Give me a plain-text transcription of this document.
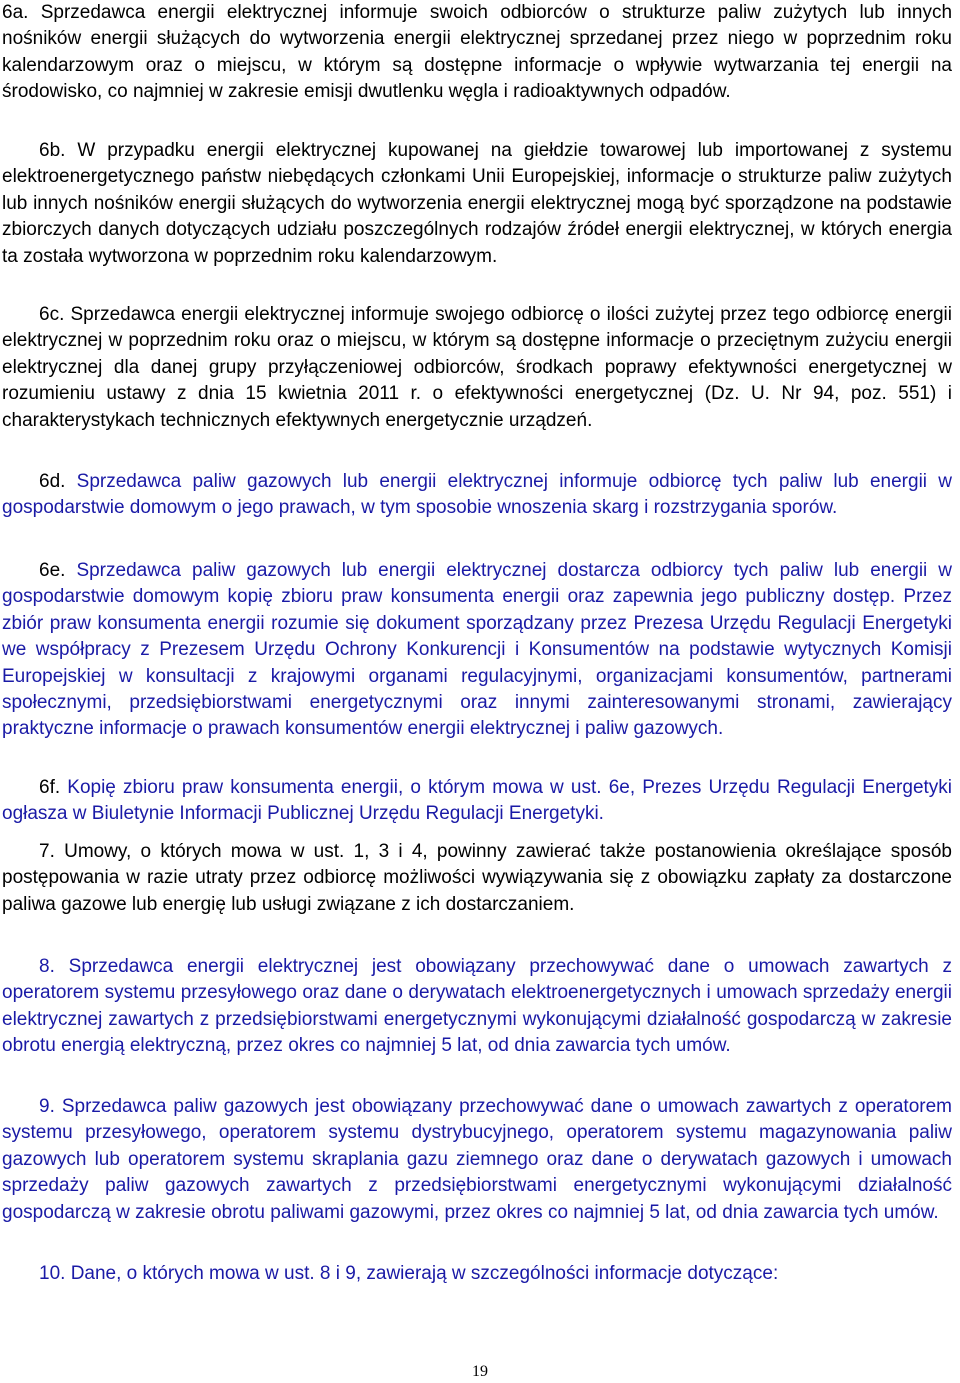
6a. Sprzedawca energii elektrycznej informuje swoich odbiorców o strukturze paliw zużytych lub innych nośników energii służących do wytworzenia energii elektrycznej sprzedanej przez niego w poprzednim roku kalendarzowym oraz o miejscu, w którym są dostępne informacje o wpływie wytwarzania tej energii na środowisko, co najmniej w zakresie emisji dwutlenku węgla i radioaktywnych odpadów.

6b. W przypadku energii elektrycznej kupowanej na giełdzie towarowej lub importowanej z systemu elektroenergetycznego państw niebędących członkami Unii Europejskiej, informacje o strukturze paliw zużytych lub innych nośników energii służących do wytworzenia energii elektrycznej mogą być sporządzone na podstawie zbiorczych danych dotyczących udziału poszczególnych rodzajów źródeł energii elektrycznej, w których energia ta została wytworzona w poprzednim roku kalendarzowym.

6c. Sprzedawca energii elektrycznej informuje swojego odbiorcę o ilości zużytej przez tego odbiorcę energii elektrycznej w poprzednim roku oraz o miejscu, w którym są dostępne informacje o przeciętnym zużyciu energii elektrycznej dla danej grupy przyłączeniowej odbiorców, środkach poprawy efektywności energetycznej w rozumieniu ustawy z dnia 15 kwietnia 2011 r. o efektywności energetycznej (Dz. U. Nr 94, poz. 551) i charakterystykach technicznych efektywnych energetycznie urządzeń.

6d. Sprzedawca paliw gazowych lub energii elektrycznej informuje odbiorcę tych paliw lub energii w gospodarstwie domowym o jego prawach, w tym sposobie wnoszenia skarg i rozstrzygania sporów.

6e. Sprzedawca paliw gazowych lub energii elektrycznej dostarcza odbiorcy tych paliw lub energii w gospodarstwie domowym kopię zbioru praw konsumenta energii oraz zapewnia jego publiczny dostęp. Przez zbiór praw konsumenta energii rozumie się dokument sporządzany przez Prezesa Urzędu Regulacji Energetyki we współpracy z Prezesem Urzędu Ochrony Konkurencji i Konsumentów na podstawie wytycznych Komisji Europejskiej w konsultacji z krajowymi organami regulacyjnymi, organizacjami konsumentów, partnerami społecznymi, przedsiębiorstwami energetycznymi oraz innymi zainteresowanymi stronami, zawierający praktyczne informacje o prawach konsumentów energii elektrycznej i paliw gazowych.

6f. Kopię zbioru praw konsumenta energii, o którym mowa w ust. 6e, Prezes Urzędu Regulacji Energetyki ogłasza w Biuletynie Informacji Publicznej Urzędu Regulacji Energetyki.

7. Umowy, o których mowa w ust. 1, 3 i 4, powinny zawierać także postanowienia określające sposób postępowania w razie utraty przez odbiorcę możliwości wywiązywania się z obowiązku zapłaty za dostarczone paliwa gazowe lub energię lub usługi związane z ich dostarczaniem.

8. Sprzedawca energii elektrycznej jest obowiązany przechowywać dane o umowach zawartych z operatorem systemu przesyłowego oraz dane o derywatach elektroenergetycznych i umowach sprzedaży energii elektrycznej zawartych z przedsiębiorstwami energetycznymi wykonującymi działalność gospodarczą w zakresie obrotu energią elektryczną, przez okres co najmniej 5 lat, od dnia zawarcia tych umów.

9. Sprzedawca paliw gazowych jest obowiązany przechowywać dane o umowach zawartych z operatorem systemu przesyłowego, operatorem systemu dystrybucyjnego, operatorem systemu magazynowania paliw gazowych lub operatorem systemu skraplania gazu ziemnego oraz dane o derywatach gazowych i umowach sprzedaży paliw gazowych zawartych z przedsiębiorstwami energetycznymi wykonującymi działalność gospodarczą w zakresie obrotu paliwami gazowymi, przez okres co najmniej 5 lat, od dnia zawarcia tych umów.

10. Dane, o których mowa w ust. 8 i 9, zawierają w szczególności informacje dotyczące:

19
